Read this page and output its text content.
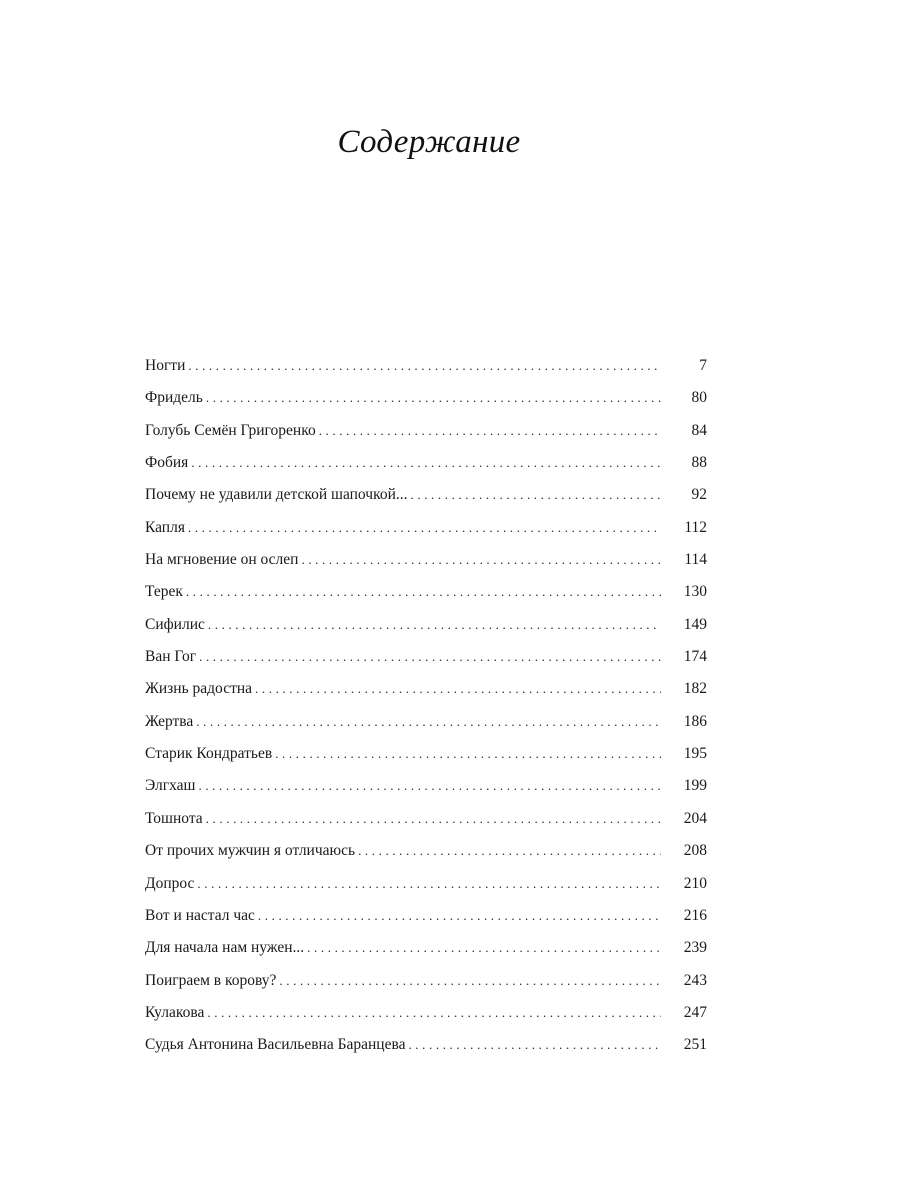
Содержание
Ногти .....	7
Фридель .....	80
Голубь Семён Григоренко .....	84
Фобия .....	88
Почему не удавили детской шапочкой... .....	92
Капля .....	112
На мгновение он ослеп .....	114
Терек .....	130
Сифилис .....	149
Ван Гог .....	174
Жизнь радостна .....	182
Жертва .....	186
Старик Кондратьев .....	195
Элгхаш .....	199
Тошнота .....	204
От прочих мужчин я отличаюсь .....	208
Допрос .....	210
Вот и настал час .....	216
Для начала нам нужен... .....	239
Поиграем в корову? .....	243
Кулакова .....	247
Судья Антонина Васильевна Баранцева .....	251
